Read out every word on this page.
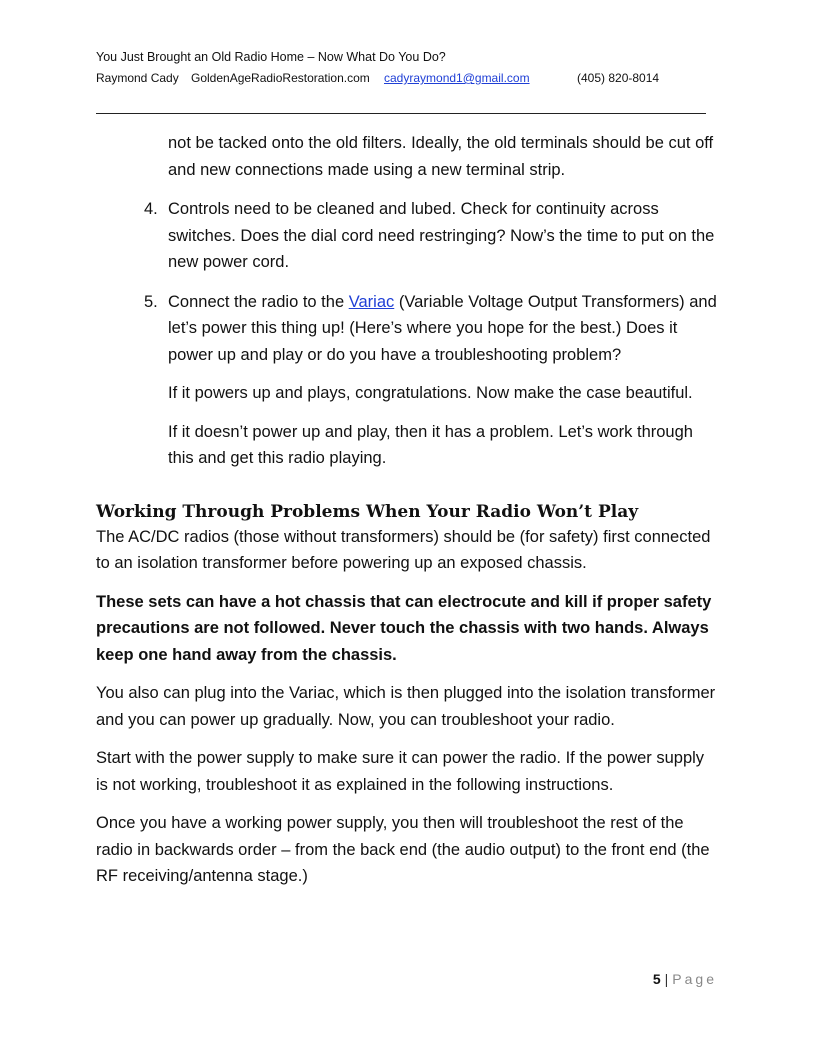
You Just Brought an Old Radio Home – Now What Do You Do?
Raymond Cady GoldenAgeRadioRestoration.com cadyraymond1@gmail.com	(405) 820-8014

not be tacked onto the old filters. Ideally, the old terminals should be cut off and new connections made using a new terminal strip.

4. Controls need to be cleaned and lubed. Check for continuity across switches. Does the dial cord need restringing? Now’s the time to put on the new power cord.

5. Connect the radio to the Variac (Variable Voltage Output Transformers) and let’s power this thing up! (Here’s where you hope for the best.) Does it power up and play or do you have a troubleshooting problem?

If it powers up and plays, congratulations. Now make the case beautiful.

If it doesn’t power up and play, then it has a problem. Let’s work through this and get this radio playing.

Working Through Problems When Your Radio Won’t Play

The AC/DC radios (those without transformers) should be (for safety) first connected to an isolation transformer before powering up an exposed chassis.

These sets can have a hot chassis that can electrocute and kill if proper safety precautions are not followed. Never touch the chassis with two hands. Always keep one hand away from the chassis.

You also can plug into the Variac, which is then plugged into the isolation transformer and you can power up gradually. Now, you can troubleshoot your radio.

Start with the power supply to make sure it can power the radio. If the power supply is not working, troubleshoot it as explained in the following instructions.

Once you have a working power supply, you then will troubleshoot the rest of the radio in backwards order – from the back end (the audio output) to the front end (the RF receiving/antenna stage.)

5 | Page
